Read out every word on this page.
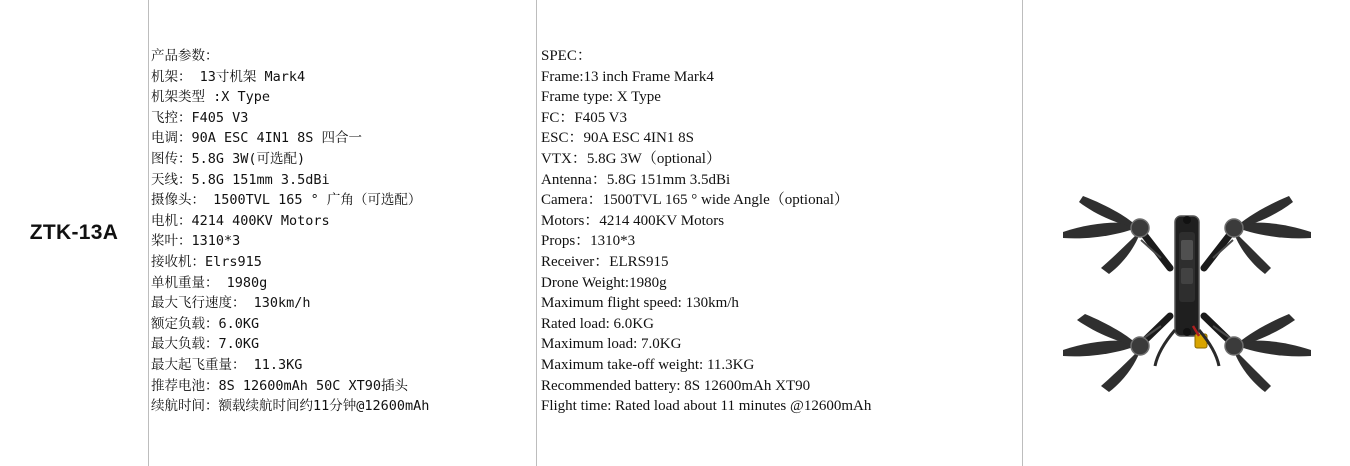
ZTK-13A
产品参数：
机架： 13寸机架 Mark4
机架类型 :X Type
飞控：F405 V3
电调：90A ESC 4IN1 8S 四合一
图传：5.8G 3W(可选配)
天线：5.8G 151mm 3.5dBi
摄像头： 1500TVL 165 ° 广角（可选配）
电机：4214 400KV Motors
桨叶：1310*3
接收机：Elrs915
单机重量： 1980g
最大飞行速度： 130km/h
额定负载：6.0KG
最大负载：7.0KG
最大起飞重量： 11.3KG
推荐电池：8S 12600mAh 50C XT90插头
续航时间：额载续航时间约11分钟@12600mAh
SPEC：
Frame:13 inch Frame Mark4
Frame type: X Type
FC：F405 V3
ESC：90A ESC 4IN1 8S
VTX：5.8G 3W（optional）
Antenna：5.8G 151mm 3.5dBi
Camera：1500TVL 165 ° wide Angle（optional）
Motors：4214 400KV Motors
Props：1310*3
Receiver：ELRS915
Drone Weight:1980g
Maximum flight speed: 130km/h
Rated load: 6.0KG
Maximum load: 7.0KG
Maximum take-off weight: 11.3KG
Recommended battery: 8S 12600mAh XT90
Flight time: Rated load about 11 minutes @12600mAh
